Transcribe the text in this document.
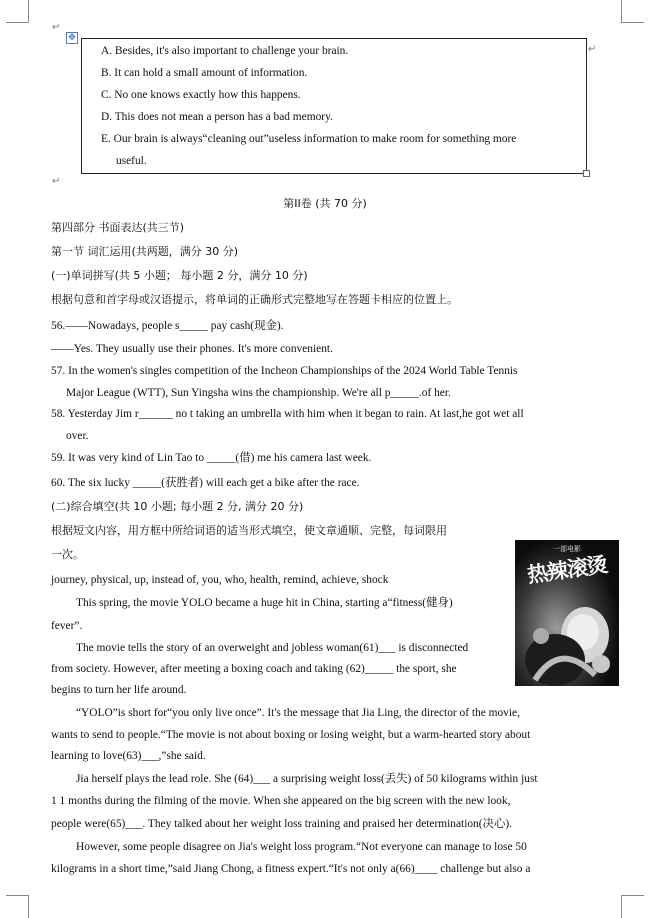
↵
✥
A. Besides, it's also important to challenge your brain.
B. It can hold a small amount of information.
C. No one knows exactly how this happens.
D. This does not mean a person has a bad memory.
E. Our brain is always“cleaning out”useless information to make room for something more
useful.
↵
↵
第II卷 (共 70 分)
第四部分 书面表达(共三节)
第一节 词汇运用(共两题，满分 30 分)
(一)单词拼写(共 5 小题； 每小题 2 分，满分 10 分)
根据句意和首字母或汉语提示，将单词的正确形式完整地写在答题卡相应的位置上。
56.——Nowadays, people s_____ pay cash(现金).
——Yes. They usually use their phones. It's more convenient.
57. In the women's singles competition of the Incheon Championships of the 2024 World Table Tennis
Major League (WTT), Sun Yingsha wins the championship. We're all p_____.of her.
58. Yesterday Jim r______ no t taking an umbrella with him when it began to rain. At last,he got wet all
over.
59. It was very kind of Lin Tao to _____(借) me his camera last week.
60. The six lucky _____(获胜者) will each get a bike after the race.
(二)综合填空(共 10 小题; 每小题 2 分, 满分 20 分)
根据短文内容，用方框中所给词语的适当形式填空，使文章通顺、完整，每词限用
一次。
journey, physical, up, instead of, you, who, health, remind, achieve, shock
This spring, the movie YOLO became a huge hit in China, starting a“fitness(健身)
fever”.
The movie tells the story of an overweight and jobless woman(61)___ is disconnected
from society. However, after meeting a boxing coach and taking (62)_____ the sport, she
begins to turn her life around.
“YOLO”is short for“you only live once”. It's the message that Jia Ling, the director of the movie,
wants to send to people.“The movie is not about boxing or losing weight, but a warm-hearted story about
learning to love(63)___,”she said.
Jia herself plays the lead role. She (64)___ a surprising weight loss(丢失) of 50 kilograms within just
1 1 months during the filming of the movie. When she appeared on the big screen with the new look,
people were(65)___. They talked about her weight loss training and praised her determination(决心).
However, some people disagree on Jia's weight loss program.“Not everyone can manage to lose 50
kilograms in a short time,”said Jiang Chong, a fitness expert.“It's not only a(66)____ challenge but also a
一部电影
热辣滚烫
